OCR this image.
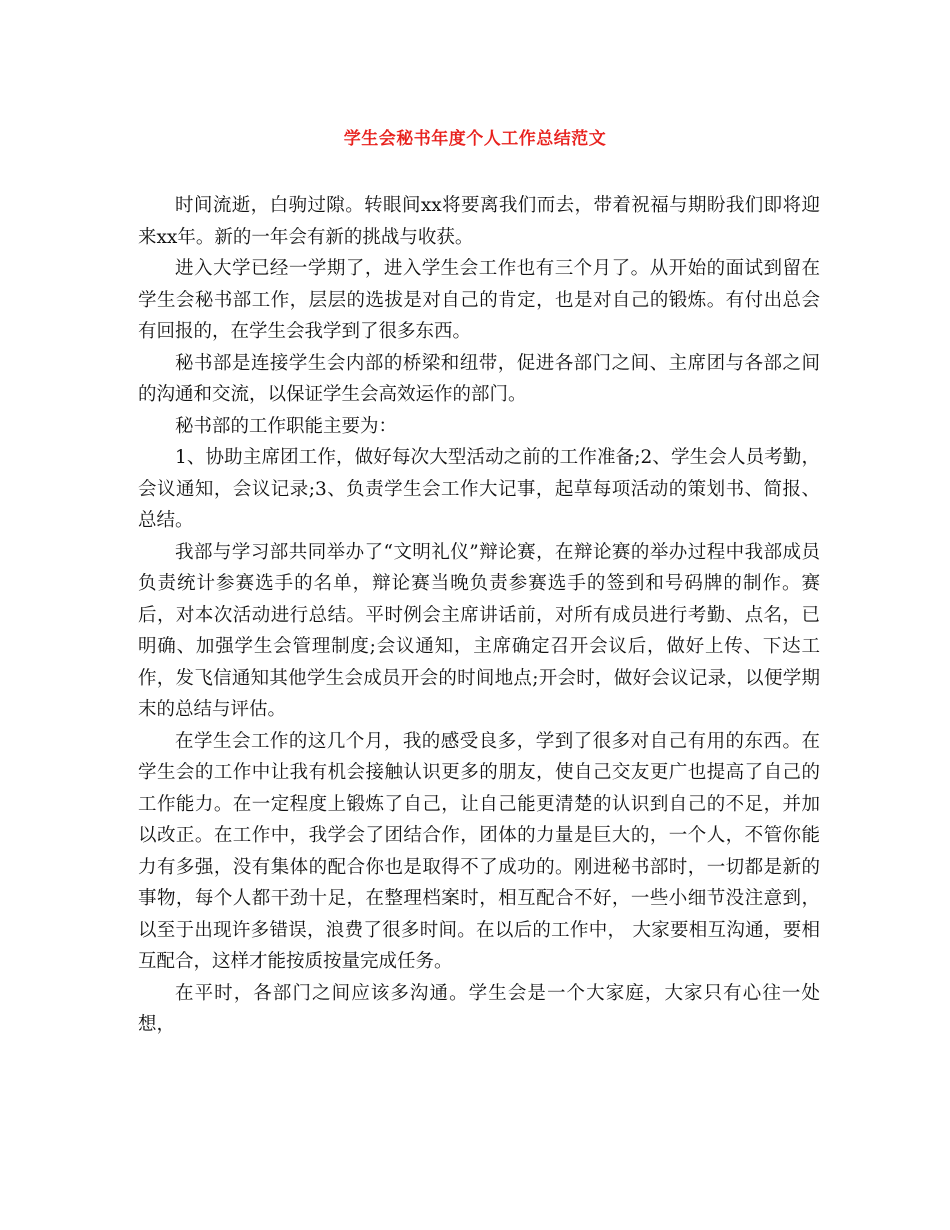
学生会秘书年度个人工作总结范文

时间流逝，白驹过隙。转眼间xx将要离我们而去，带着祝福与期盼我们即将迎来xx年。新的一年会有新的挑战与收获。

进入大学已经一学期了，进入学生会工作也有三个月了。从开始的面试到留在学生会秘书部工作，层层的选拔是对自己的肯定，也是对自己的锻炼。有付出总会有回报的，在学生会我学到了很多东西。

秘书部是连接学生会内部的桥梁和纽带，促进各部门之间、主席团与各部之间的沟通和交流，以保证学生会高效运作的部门。

秘书部的工作职能主要为：

1、协助主席团工作，做好每次大型活动之前的工作准备;2、学生会人员考勤，会议通知，会议记录;3、负责学生会工作大记事，起草每项活动的策划书、简报、总结。

我部与学习部共同举办了“文明礼仪”辩论赛，在辩论赛的举办过程中我部成员负责统计参赛选手的名单，辩论赛当晚负责参赛选手的签到和号码牌的制作。赛后，对本次活动进行总结。平时例会主席讲话前，对所有成员进行考勤、点名，已明确、加强学生会管理制度;会议通知，主席确定召开会议后，做好上传、下达工作，发飞信通知其他学生会成员开会的时间地点;开会时，做好会议记录，以便学期末的总结与评估。

在学生会工作的这几个月，我的感受良多，学到了很多对自己有用的东西。在学生会的工作中让我有机会接触认识更多的朋友，使自己交友更广也提高了自己的工作能力。在一定程度上锻炼了自己，让自己能更清楚的认识到自己的不足，并加以改正。在工作中，我学会了团结合作，团体的力量是巨大的，一个人，不管你能力有多强，没有集体的配合你也是取得不了成功的。刚进秘书部时，一切都是新的事物，每个人都干劲十足，在整理档案时，相互配合不好，一些小细节没注意到，以至于出现许多错误，浪费了很多时间。在以后的工作中， 大家要相互沟通，要相互配合，这样才能按质按量完成任务。

在平时，各部门之间应该多沟通。学生会是一个大家庭，大家只有心往一处想，
